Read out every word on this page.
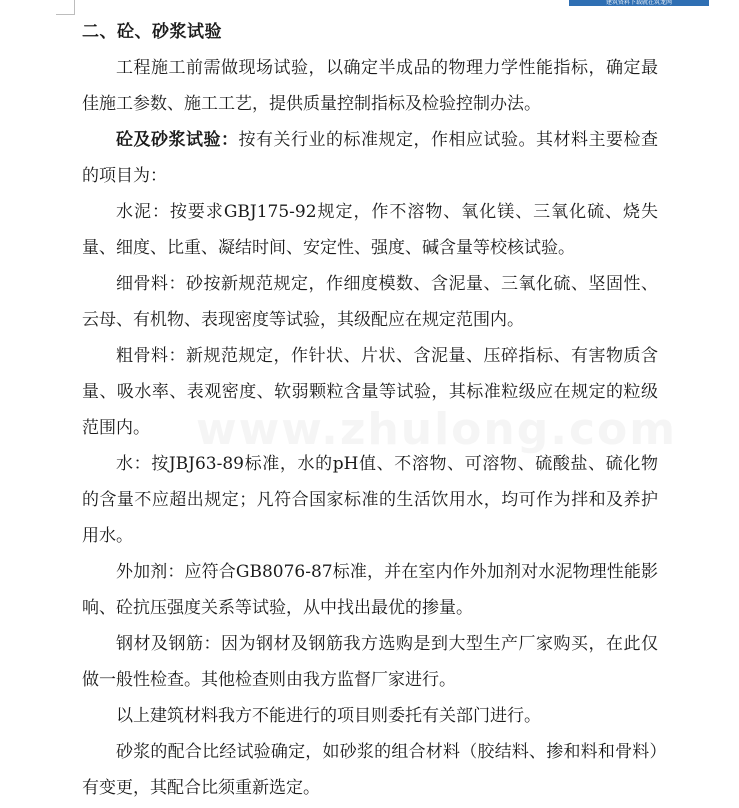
建筑资料下载就在筑龙网

二、砼、砂浆试验

工程施工前需做现场试验，以确定半成品的物理力学性能指标，确定最佳施工参数、施工工艺，提供质量控制指标及检验控制办法。

砼及砂浆试验：按有关行业的标准规定，作相应试验。其材料主要检查的项目为：

水泥：按要求GBJ175-92规定，作不溶物、氧化镁、三氧化硫、烧失量、细度、比重、凝结时间、安定性、强度、碱含量等校核试验。

细骨料：砂按新规范规定，作细度模数、含泥量、三氧化硫、坚固性、云母、有机物、表现密度等试验，其级配应在规定范围内。

粗骨料：新规范规定，作针状、片状、含泥量、压碎指标、有害物质含量、吸水率、表观密度、软弱颗粒含量等试验，其标准粒级应在规定的粒级范围内。

水：按JBJ63-89标准，水的pH值、不溶物、可溶物、硫酸盐、硫化物的含量不应超出规定；凡符合国家标准的生活饮用水，均可作为拌和及养护用水。

外加剂：应符合GB8076-87标准，并在室内作外加剂对水泥物理性能影响、砼抗压强度关系等试验，从中找出最优的掺量。

钢材及钢筋：因为钢材及钢筋我方选购是到大型生产厂家购买，在此仅做一般性检查。其他检查则由我方监督厂家进行。

以上建筑材料我方不能进行的项目则委托有关部门进行。

砂浆的配合比经试验确定，如砂浆的组合材料（胶结料、掺和料和骨料）有变更，其配合比须重新选定。

www.zhulong.com
